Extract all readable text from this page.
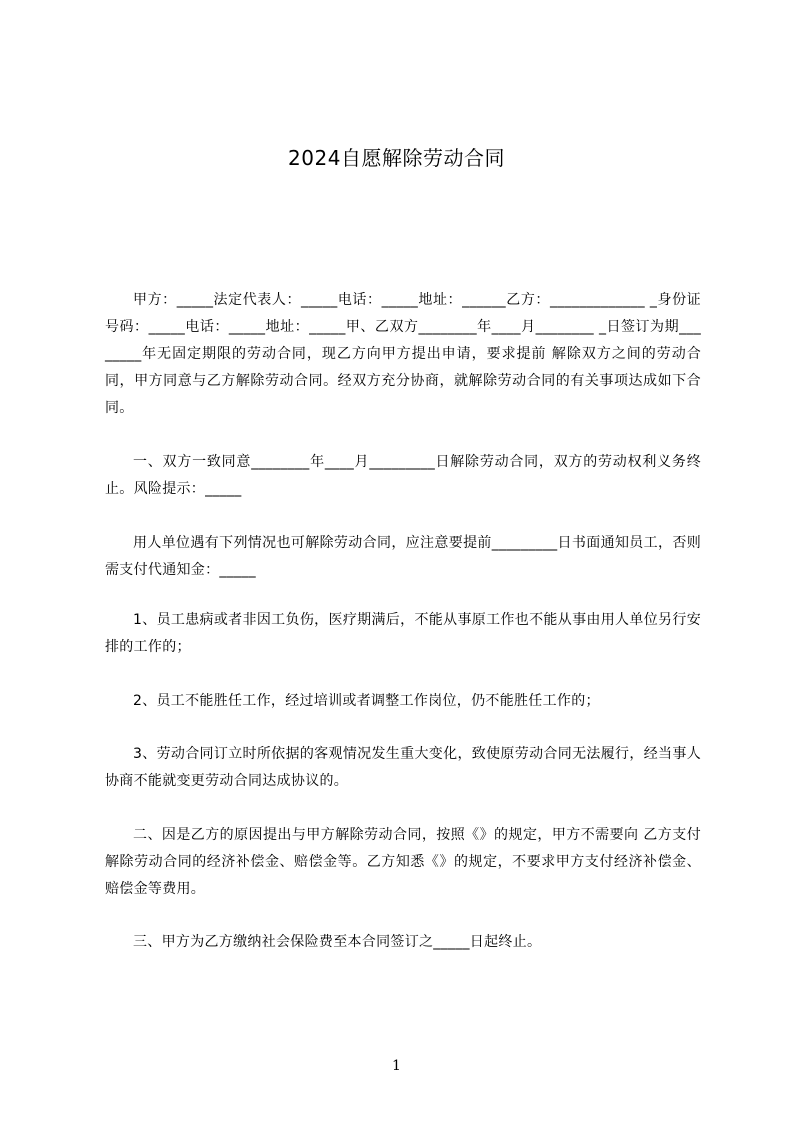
2024自愿解除劳动合同

甲方：_____法定代表人：_____电话：_____地址：______乙方：_____________ _身份证号码：_____电话：_____地址：_____甲、乙双方________年____月________ _日签订为期________年无固定期限的劳动合同，现乙方向甲方提出申请，要求提前 解除双方之间的劳动合同，甲方同意与乙方解除劳动合同。经双方充分协商，就解除劳动合同的有关事项达成如下合同。

一、双方一致同意________年____月_________日解除劳动合同，双方的劳动权利义务终止。风险提示：_____

用人单位遇有下列情况也可解除劳动合同，应注意要提前_________日书面通知员工，否则需支付代通知金：_____

1、员工患病或者非因工负伤，医疗期满后，不能从事原工作也不能从事由用人单位另行安排的工作的；

2、员工不能胜任工作，经过培训或者调整工作岗位，仍不能胜任工作的；

3、劳动合同订立时所依据的客观情况发生重大变化，致使原劳动合同无法履行，经当事人协商不能就变更劳动合同达成协议的。

二、因是乙方的原因提出与甲方解除劳动合同，按照《》的规定，甲方不需要向 乙方支付解除劳动合同的经济补偿金、赔偿金等。乙方知悉《》的规定，不要求甲方支付经济补偿金、赔偿金等费用。

三、甲方为乙方缴纳社会保险费至本合同签订之_____日起终止。

1
